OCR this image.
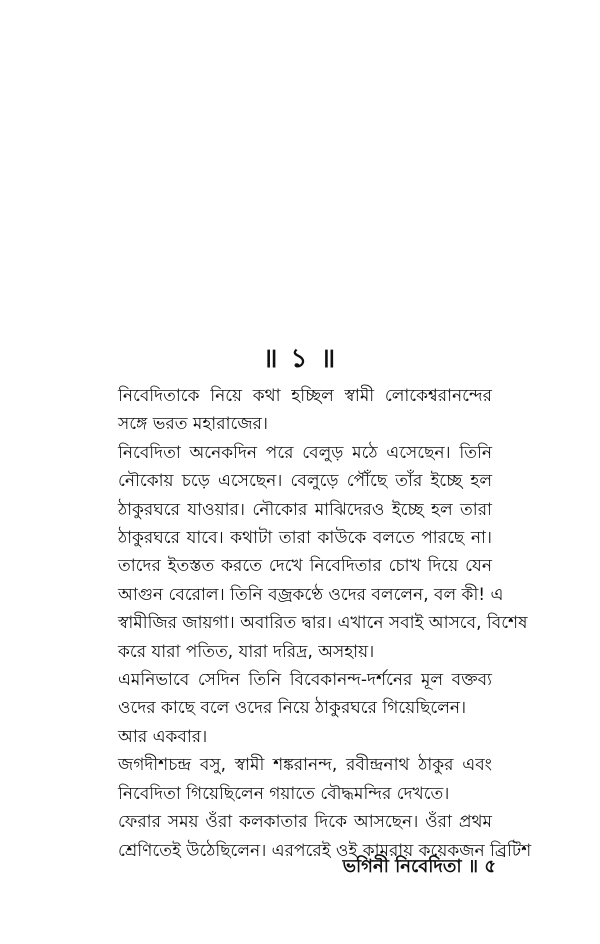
॥ ১ ॥
নিবেদিতাকে নিয়ে কথা হচ্ছিল স্বামী লোকেশ্বরানন্দের
সঙ্গে ভরত মহারাজের।
নিবেদিতা অনেকদিন পরে বেলুড় মঠে এসেছেন। তিনি
নৌকোয় চড়ে এসেছেন। বেলুড়ে পৌঁছে তাঁর ইচ্ছে হল
ঠাকুরঘরে যাওয়ার। নৌকোর মাঝিদেরও ইচ্ছে হল তারা
ঠাকুরঘরে যাবে। কথাটা তারা কাউকে বলতে পারছে না।
তাদের ইতস্তত করতে দেখে নিবেদিতার চোখ দিয়ে যেন
আগুন বেরোল। তিনি বজ্রকণ্ঠে ওদের বললেন, বল কী! এ
স্বামীজির জায়গা। অবারিত দ্বার। এখানে সবাই আসবে, বিশেষ
করে যারা পতিত, যারা দরিদ্র, অসহায়।
এমনিভাবে সেদিন তিনি বিবেকানন্দ-দর্শনের মূল বক্তব্য
ওদের কাছে বলে ওদের নিয়ে ঠাকুরঘরে গিয়েছিলেন।
আর একবার।
জগদীশচন্দ্র বসু, স্বামী শঙ্করানন্দ, রবীন্দ্রনাথ ঠাকুর এবং
নিবেদিতা গিয়েছিলেন গয়াতে বৌদ্ধমন্দির দেখতে।
ফেরার সময় ওঁরা কলকাতার দিকে আসছেন। ওঁরা প্রথম
শ্রেণিতেই উঠেছিলেন। এরপরেই ওই কামরায় কয়েকজন ব্রিটিশ
ভগিনী নিবেদিতা ॥ ৫
